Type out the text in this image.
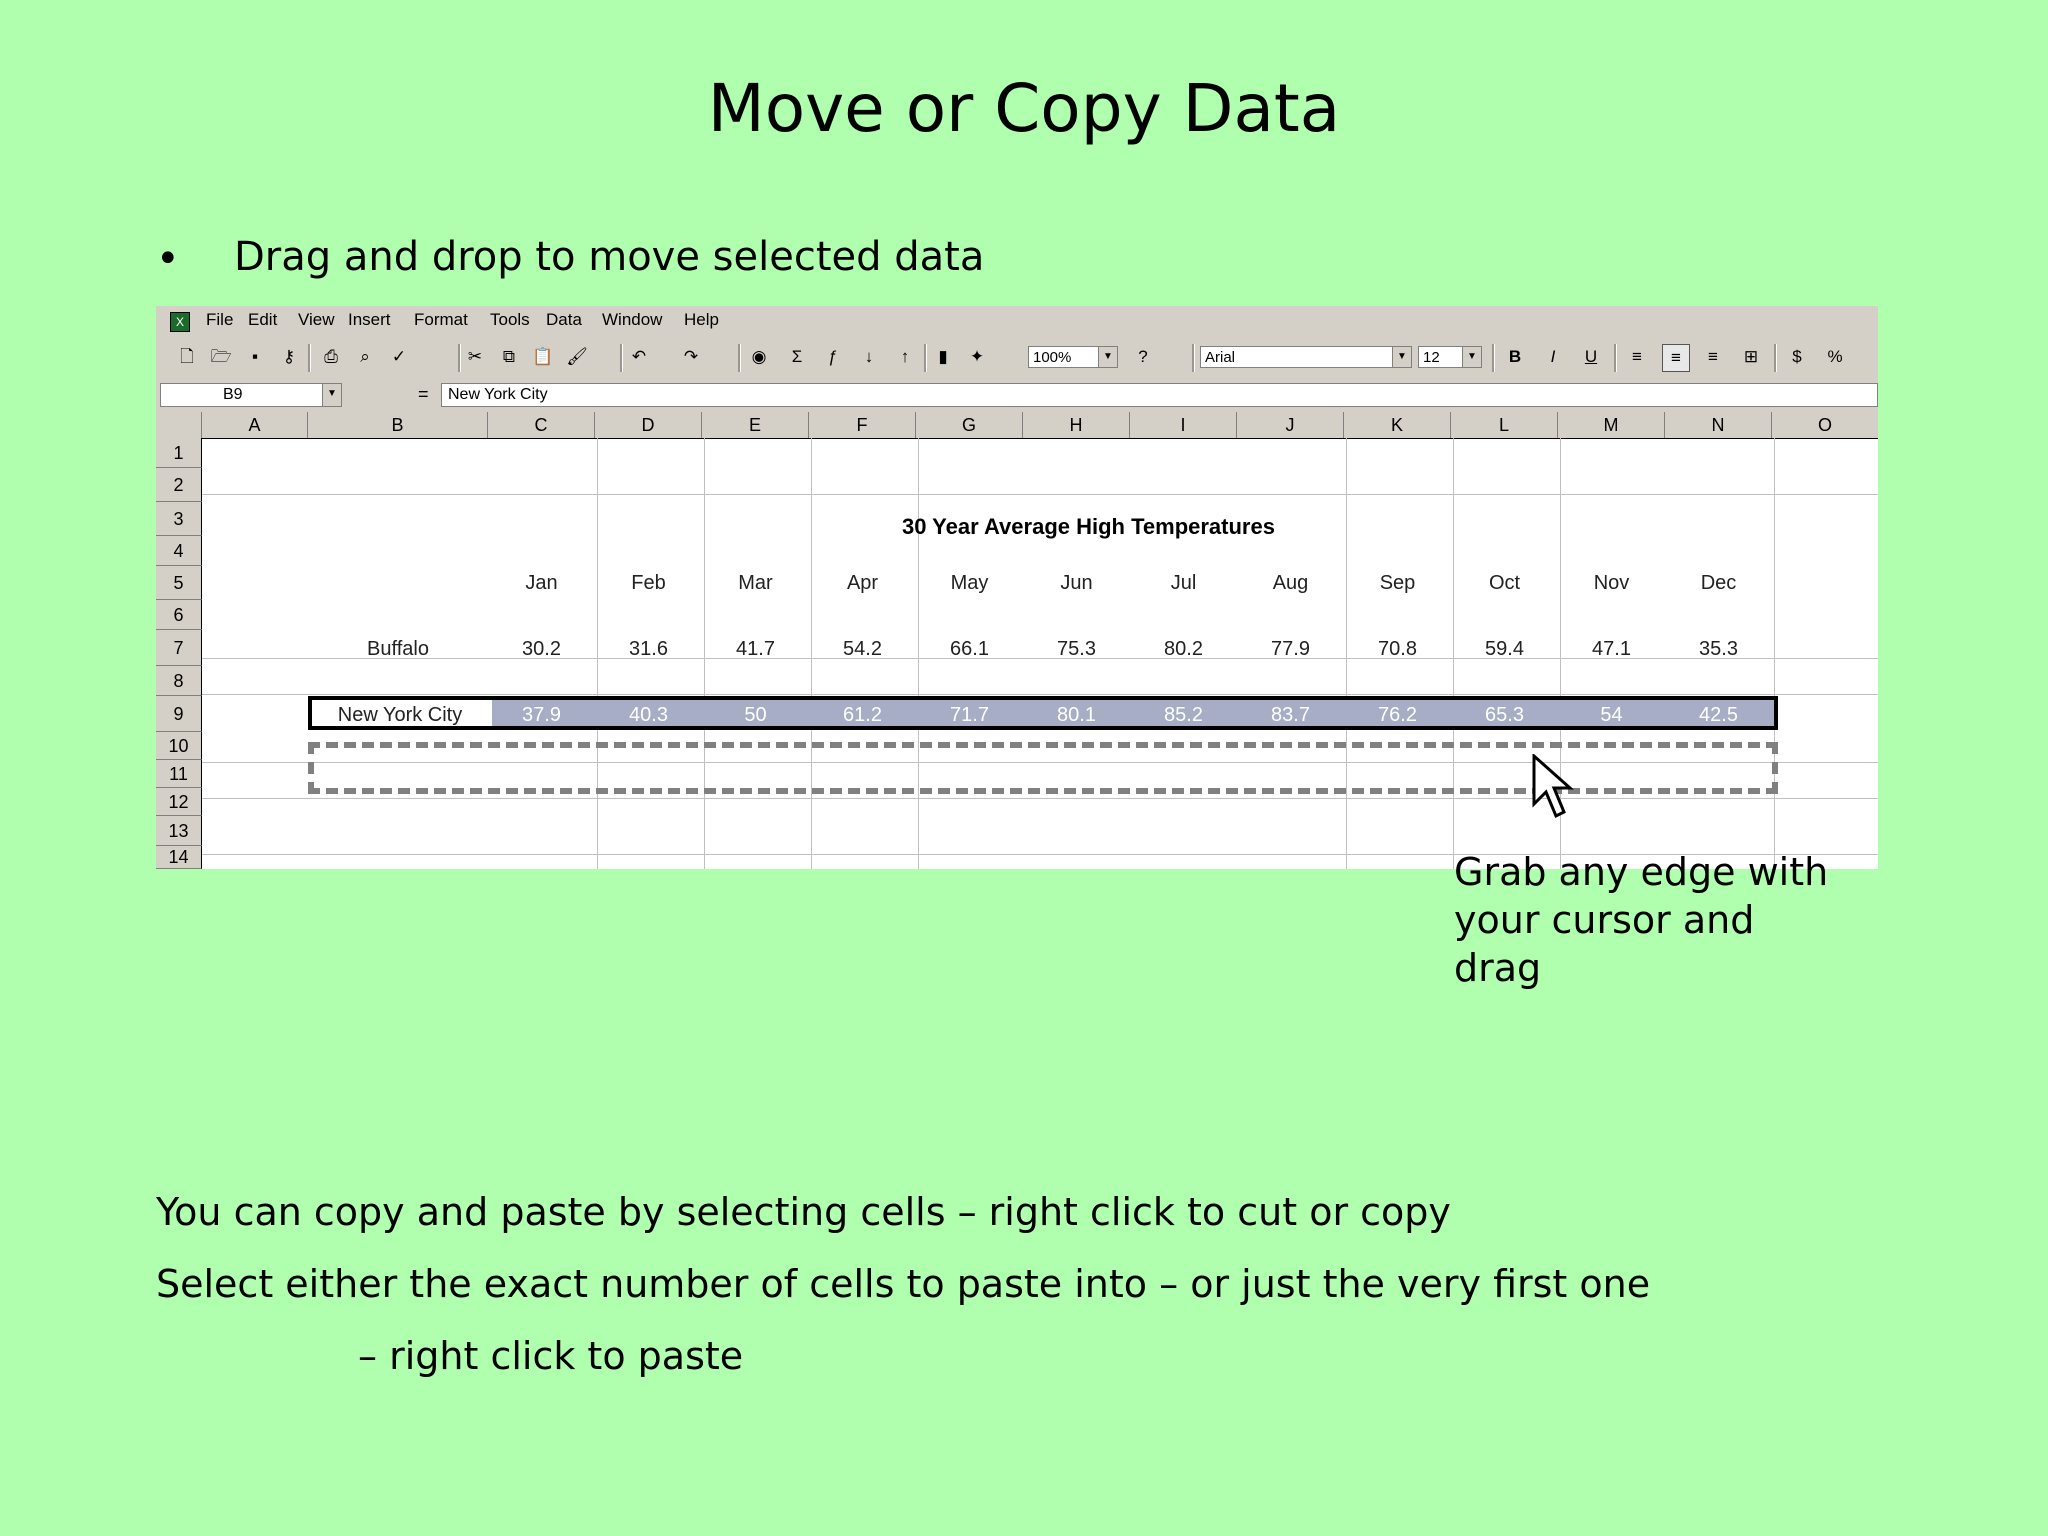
Move or Copy Data
• Drag and drop to move selected data
X	File Edit View Insert Format Tools Data Window Help
🗋 🗁	▪	⚷	⎙	⌕	✓	✂	⧉	📋 🖌	↶	↷	◉	Σ	ƒ	↓	↑	▮	✦	100%	▼	?	Arial	▼	12	▼	B	I	U	≡	≡	≡	⊞	$	%
B9	▼	=	New York City
A	B	C	D	E	F	G	H	I	J	K	L	M	N	O
1
2
3
4
5
6
7
8
9
10
11
12
13
14
30 Year Average High Temperatures
Jan	Feb	Mar	Apr	May	Jun	Jul	Aug	Sep	Oct	Nov	Dec
Buffalo	30.2	31.6	41.7	54.2	66.1	75.3	80.2	77.9	70.8	59.4	47.1	35.3
New York City	37.9	40.3	50	61.2	71.7	80.1	85.2	83.7	76.2	65.3	54	42.5
Grab any edge with
your cursor and
drag
You can copy and paste by selecting cells – right click to cut or copy
Select either the exact number of cells to paste into – or just the very first one
– right click to paste
